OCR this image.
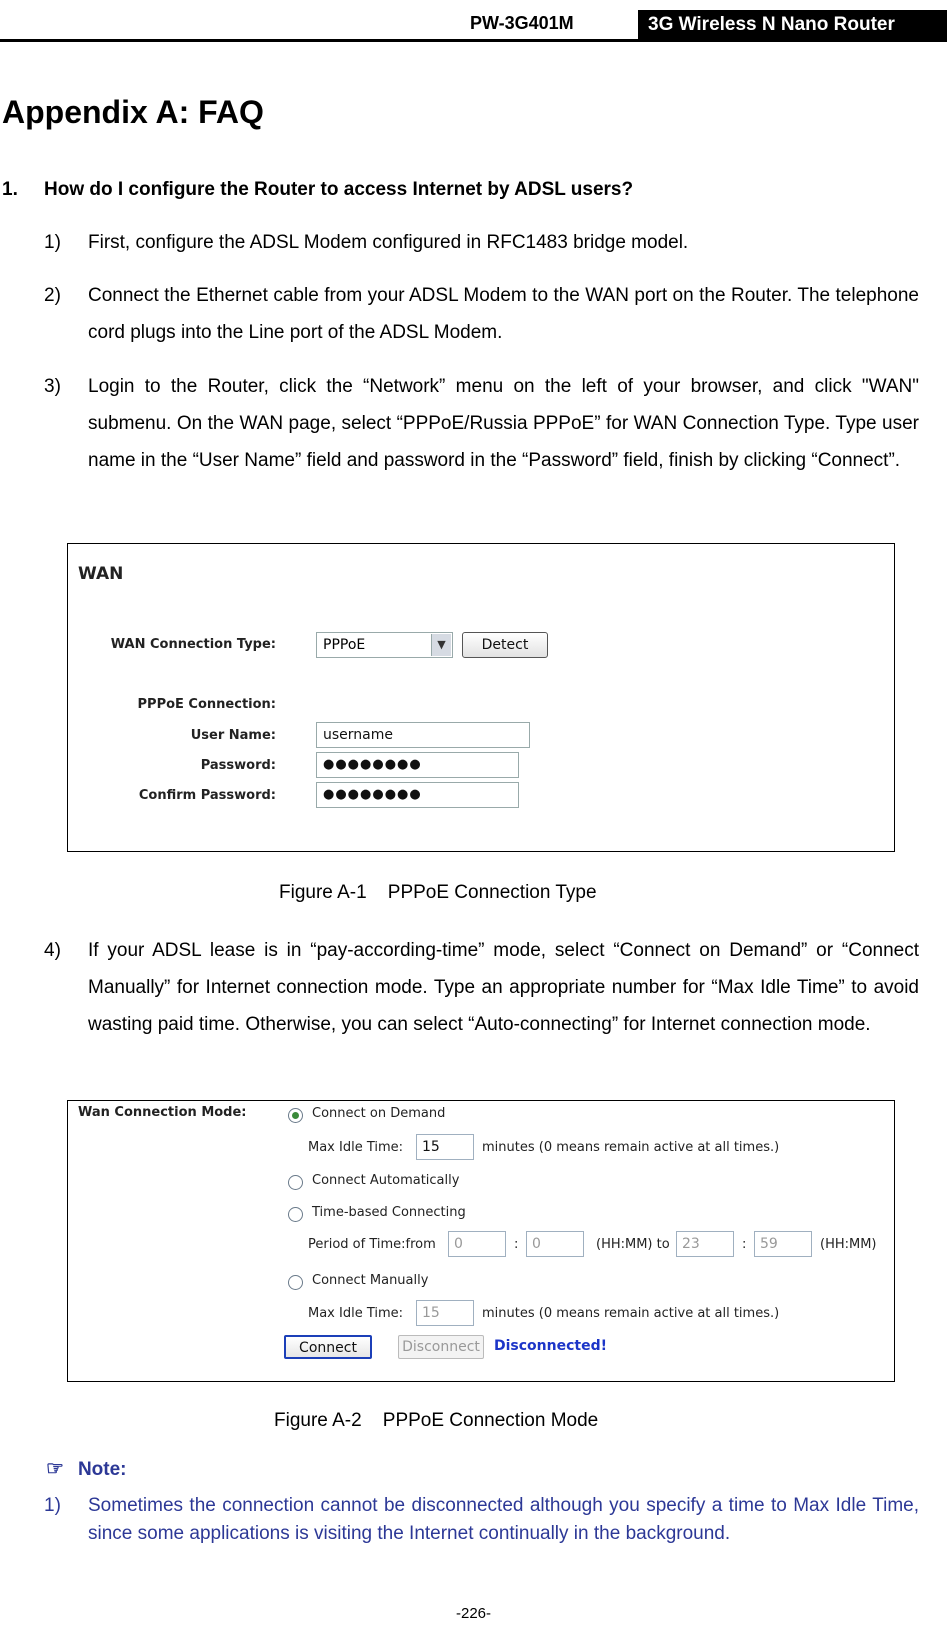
PW-3G401M	3G Wireless N Nano Router
Appendix A: FAQ
1. How do I configure the Router to access Internet by ADSL users?
1) First, configure the ADSL Modem configured in RFC1483 bridge model.
2) Connect the Ethernet cable from your ADSL Modem to the WAN port on the Router. The telephone cord plugs into the Line port of the ADSL Modem.
3) Login to the Router, click the “Network” menu on the left of your browser, and click "WAN" submenu. On the WAN page, select “PPPoE/Russia PPPoE” for WAN Connection Type. Type user name in the “User Name” field and password in the “Password” field, finish by clicking “Connect”.
WAN
WAN Connection Type:	PPPoE	▼	Detect
PPPoE Connection:
User Name:	username
Password:	●●●●●●●●
Confirm Password:	●●●●●●●●
Figure A-1    PPPoE Connection Type
4) If your ADSL lease is in “pay-according-time” mode, select “Connect on Demand” or “Connect Manually” for Internet connection mode. Type an appropriate number for “Max Idle Time” to avoid wasting paid time. Otherwise, you can select “Auto-connecting” for Internet connection mode.
Wan Connection Mode:	Connect on Demand
Max Idle Time:	15	minutes (0 means remain active at all times.)
Connect Automatically
Time-based Connecting
Period of Time:from	0	: 0	(HH:MM) to 23	: 59	(HH:MM)
Connect Manually
Max Idle Time:	15	minutes (0 means remain active at all times.)
Connect	Disconnect Disconnected!
Figure A-2    PPPoE Connection Mode
☞ Note:
1) Sometimes the connection cannot be disconnected although you specify a time to Max Idle Time, since some applications is visiting the Internet continually in the background.
-226-
